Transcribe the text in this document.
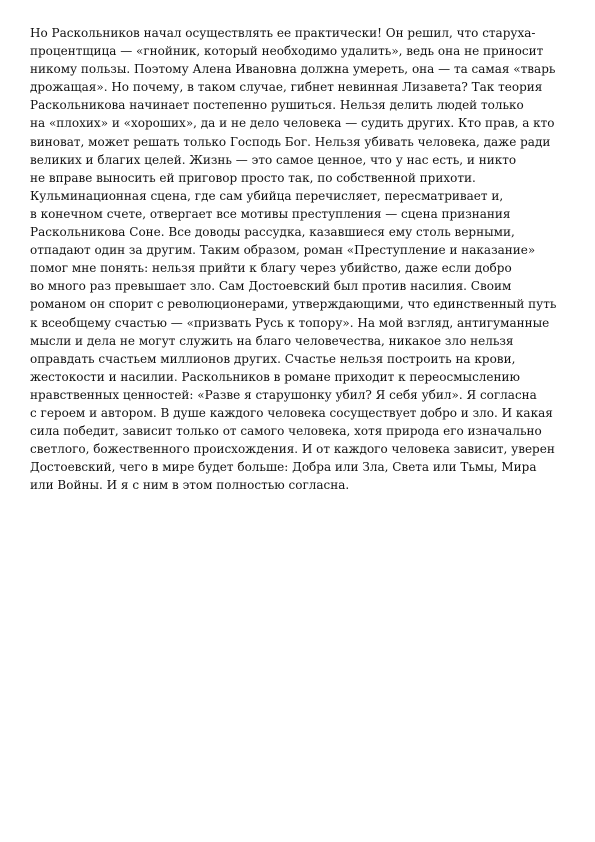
Но Раскольников начал осуществлять ее практически! Он решил, что старуха-
процентщица — «гнойник, который необходимо удалить», ведь она не приносит
никому пользы. Поэтому Алена Ивановна должна умереть, она — та самая «тварь
дрожащая». Но почему, в таком случае, гибнет невинная Лизавета? Так теория
Раскольникова начинает постепенно рушиться. Нельзя делить людей только
на «плохих» и «хороших», да и не дело человека — судить других. Кто прав, а кто
виноват, может решать только Господь Бог. Нельзя убивать человека, даже ради
великих и благих целей. Жизнь — это самое ценное, что у нас есть, и никто
не вправе выносить ей приговор просто так, по собственной прихоти.
Кульминационная сцена, где сам убийца перечисляет, пересматривает и,
в конечном счете, отвергает все мотивы преступления — сцена признания
Раскольникова Соне. Все доводы рассудка, казавшиеся ему столь верными,
отпадают один за другим. Таким образом, роман «Преступление и наказание»
помог мне понять: нельзя прийти к благу через убийство, даже если добро
во много раз превышает зло. Сам Достоевский был против насилия. Своим
романом он спорит с революционерами, утверждающими, что единственный путь
к всеобщему счастью — «призвать Русь к топору». На мой взгляд, антигуманные
мысли и дела не могут служить на благо человечества, никакое зло нельзя
оправдать счастьем миллионов других. Счастье нельзя построить на крови,
жестокости и насилии. Раскольников в романе приходит к переосмыслению
нравственных ценностей: «Разве я старушонку убил? Я себя убил». Я согласна
с героем и автором. В душе каждого человека сосуществует добро и зло. И какая
сила победит, зависит только от самого человека, хотя природа его изначально
светлого, божественного происхождения. И от каждого человека зависит, уверен
Достоевский, чего в мире будет больше: Добра или Зла, Света или Тьмы, Мира
или Войны. И я с ним в этом полностью согласна.
